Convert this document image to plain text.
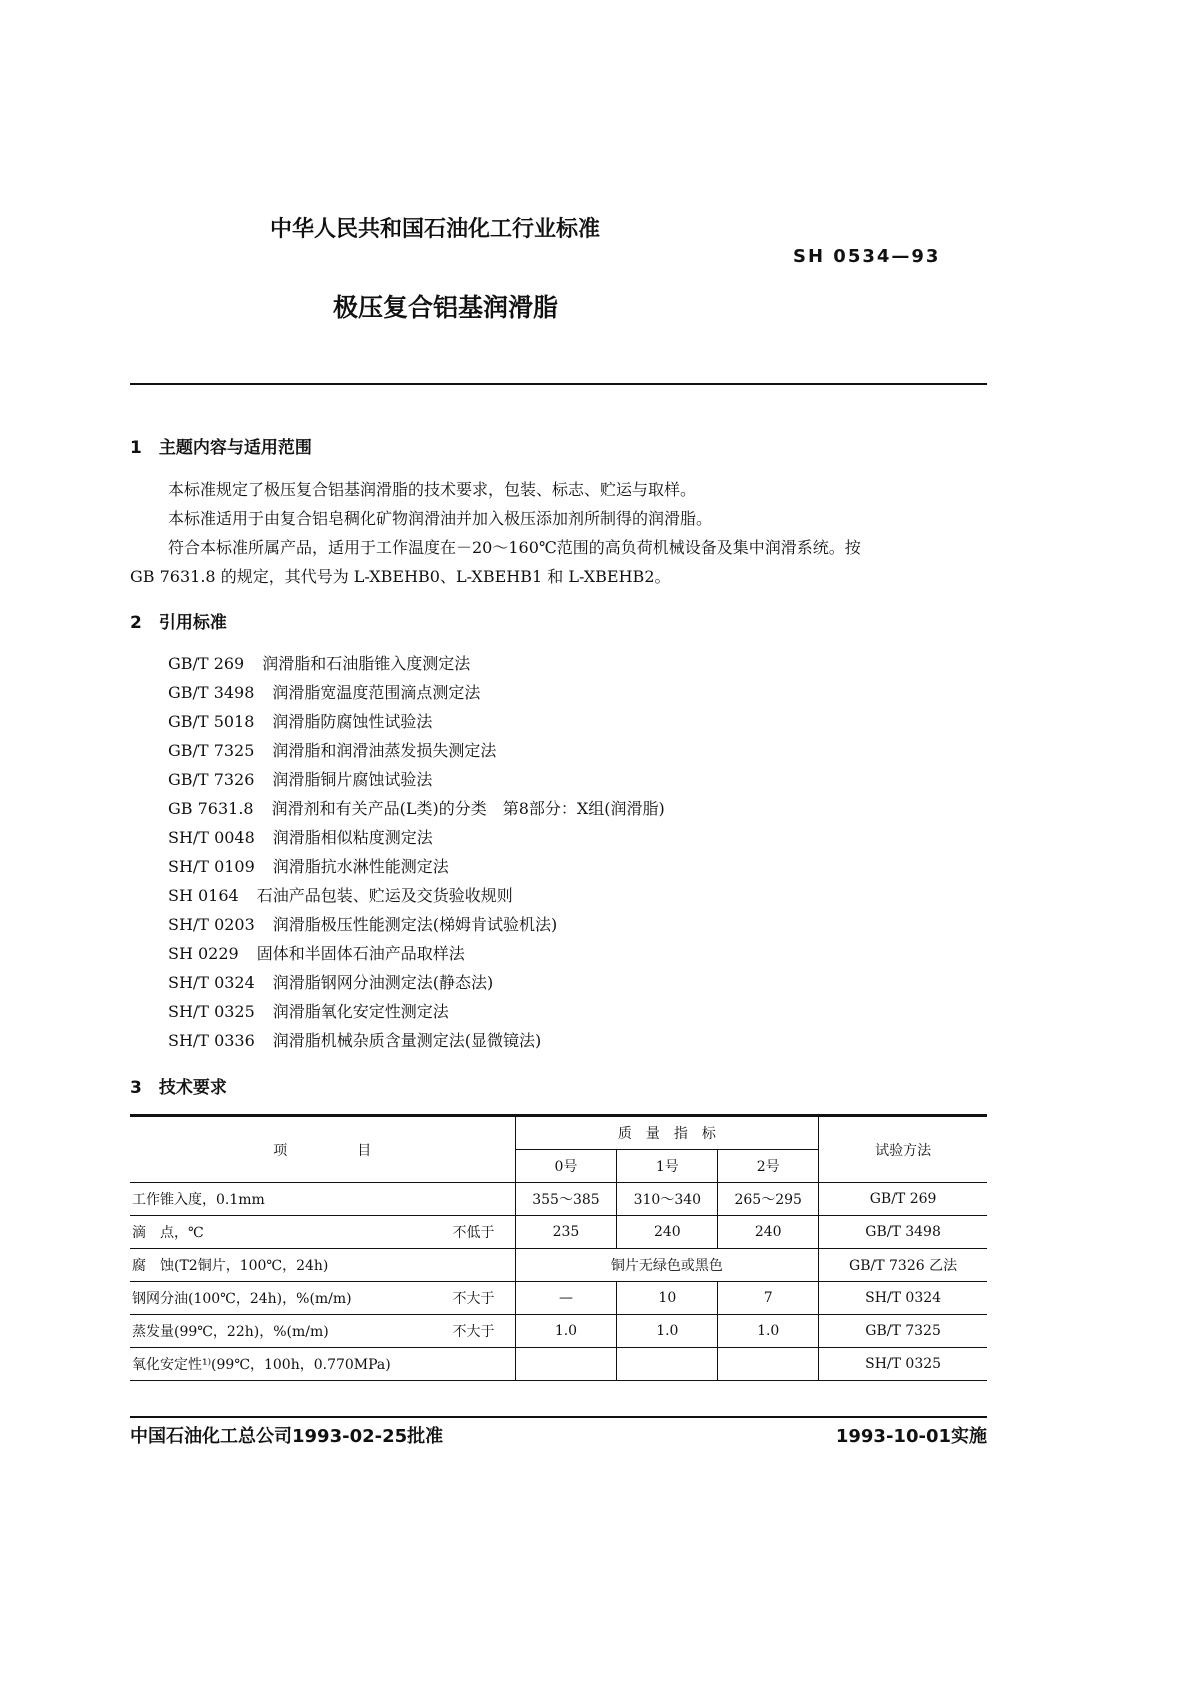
中华人民共和国石油化工行业标准
SH 0534—93
极压复合铝基润滑脂
1　主题内容与适用范围
本标准规定了极压复合铝基润滑脂的技术要求，包装、标志、贮运与取样。
本标准适用于由复合铝皂稠化矿物润滑油并加入极压添加剂所制得的润滑脂。
符合本标准所属产品，适用于工作温度在－20～160℃范围的高负荷机械设备及集中润滑系统。按
GB 7631.8 的规定，其代号为 L-XBEHB0、L-XBEHB1 和 L-XBEHB2。
2　引用标准
GB/T 269 润滑脂和石油脂锥入度测定法
GB/T 3498 润滑脂宽温度范围滴点测定法
GB/T 5018 润滑脂防腐蚀性试验法
GB/T 7325 润滑脂和润滑油蒸发损失测定法
GB/T 7326 润滑脂铜片腐蚀试验法
GB 7631.8 润滑剂和有关产品(L类)的分类　第8部分：X组(润滑脂)
SH/T 0048 润滑脂相似粘度测定法
SH/T 0109 润滑脂抗水淋性能测定法
SH 0164 石油产品包装、贮运及交货验收规则
SH/T 0203 润滑脂极压性能测定法(梯姆肯试验机法)
SH 0229 固体和半固体石油产品取样法
SH/T 0324 润滑脂钢网分油测定法(静态法)
SH/T 0325 润滑脂氧化安定性测定法
SH/T 0336 润滑脂机械杂质含量测定法(显微镜法)
3　技术要求
项　　　　　目	质　量　指　标			试验方法
	0号	1号	2号	
工作锥入度，0.1mm	355～385	310～340	265～295	GB/T 269
滴　点，℃ 不低于	235	240	240	GB/T 3498
腐　蚀(T2铜片，100℃，24h)	铜片无绿色或黑色			GB/T 7326 乙法
钢网分油(100℃，24h)，%(m/m) 不大于	—	10	7	SH/T 0324
蒸发量(99℃，22h)，%(m/m) 不大于	1.0	1.0	1.0	GB/T 7325
氧化安定性¹⁾(99℃，100h，0.770MPa)				SH/T 0325
中国石油化工总公司1993-02-25批准	1993-10-01实施
